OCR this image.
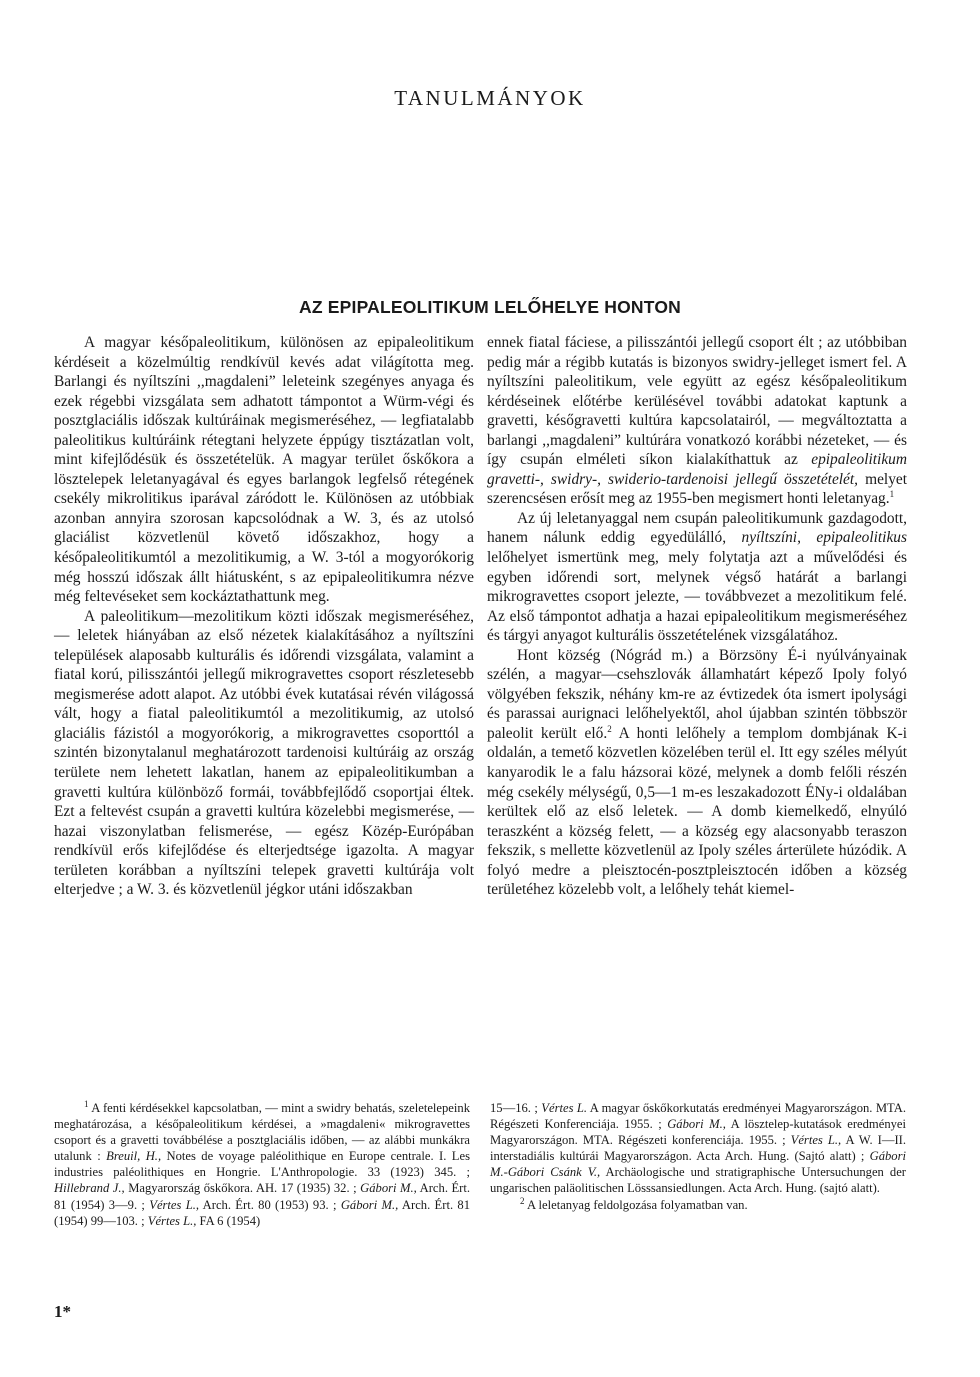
TANULMÁNYOK
AZ EPIPALEOLITIKUM LELŐHELYE HONTON

A magyar későpaleolitikum, különösen az epipaleolitikum kérdéseit a közelmúltig rendkívül kevés adat világította meg. Barlangi és nyíltszíni ,,magdaleni” leleteink szegényes anyaga és ezek régebbi vizsgálata sem adhatott támpontot a Würm-végi és posztglaciális időszak kultúráinak megismeréséhez, — legfiatalabb paleolitikus kultúráink rétegtani helyzete éppúgy tisztázatlan volt, mint kifejlődésük és összetételük. A magyar terület őskőkora a lösztelepek leletanyagával és egyes barlangok legfelső rétegének csekély mikrolitikus iparával záródott le. Különösen az utóbbiak azonban annyira szorosan kapcsolódnak a W. 3, és az utolsó glaciálist közvetlenül követő időszakhoz, hogy a későpaleolitikumtól a mezolitikumig, a W. 3-tól a mogyorókorig még hosszú időszak állt hiátusként, s az epipaleolitikumra nézve még feltevéseket sem kockáztathattunk meg.

A paleolitikum—mezolitikum közti időszak megismeréséhez, — leletek hiányában az első nézetek kialakításához a nyíltszíni települések alaposabb kulturális és időrendi vizsgálata, valamint a fiatal korú, pilisszántói jellegű mikrogravettes csoport részletesebb megismerése adott alapot. Az utóbbi évek kutatásai révén világossá vált, hogy a fiatal paleolitikumtól a mezolitikumig, az utolsó glaciális fázistól a mogyorókorig, a mikrogravettes csoporttól a szintén bizonytalanul meghatározott tardenoisi kultúráig az ország területe nem lehetett lakatlan, hanem az epipaleolitikumban a gravetti kultúra különböző formái, továbbfejlődő csoportjai éltek. Ezt a feltevést csupán a gravetti kultúra közelebbi megismerése, — hazai viszonylatban felismerése, — egész Közép-Európában rendkívül erős kifejlődése és elterjedtsége igazolta. A magyar területen korábban a nyíltszíni telepek gravetti kultúrája volt elterjedve ; a W. 3. és közvetlenül jégkor utáni időszakban

ennek fiatal fáciese, a pilisszántói jellegű csoport élt ; az utóbbiban pedig már a régibb kutatás is bizonyos swidry-jelleget ismert fel. A nyíltszíni paleolitikum, vele együtt az egész későpaleolitikum kérdéseinek előtérbe kerülésével további adatokat kaptunk a gravetti, későgravetti kultúra kapcsolatairól, — megváltoztatta a barlangi ,,magdaleni” kultúrára vonatkozó korábbi nézeteket, — és így csupán elméleti síkon kialakíthattuk az epipaleolitikum gravetti-, swidry-, swiderio-tardenoisi jellegű összetételét, melyet szerencsésen erősít meg az 1955-ben megismert honti leletanyag.$^1$

Az új leletanyaggal nem csupán paleolitikumunk gazdagodott, hanem nálunk eddig egyedülálló, nyíltszíni, epipaleolitikus lelőhelyet ismertünk meg, mely folytatja azt a művelődési és egyben időrendi sort, melynek végső határát a barlangi mikrogravettes csoport jelezte, — továbbvezet a mezolitikum felé. Az első támpontot adhatja a hazai epipaleolitikum megismeréséhez és tárgyi anyagot kulturális összetételének vizsgálatához.

Hont község (Nógrád m.) a Börzsöny É-i nyúlványainak szélén, a magyar—csehszlovák államhatárt képező Ipoly folyó völgyében fekszik, néhány km-re az évtizedek óta ismert ipolysági és parassai aurignaci lelőhelyektől, ahol újabban szintén többször paleolit került elő.$^2$ A honti lelőhely a templom dombjának K-i oldalán, a temető közvetlen közelében terül el. Itt egy széles mélyút kanyarodik le a falu házsorai közé, melynek a domb felőli részén még csekély mélységű, 0,5—1 m-es leszakadozott ÉNy-i oldalában kerültek elő az első leletek. — A domb kiemelkedő, elnyúló teraszként a község felett, — a község egy alacsonyabb teraszon fekszik, s mellette közvetlenül az Ipoly széles árterülete húzódik. A folyó medre a pleisztocén-posztpleisztocén időben a község területéhez közelebb volt, a lelőhely tehát kiemel-

$^1$ A fenti kérdésekkel kapcsolatban, — mint a swidry behatás, szeletelepeink meghatározása, a későpaleolitikum kérdései, a »magdaleni« mikrogravettes csoport és a gravetti továbbélése a posztglaciális időben, — az alábbi munkákra utalunk : Breuil, H., Notes de voyage paléolithique en Europe centrale. I. Les industries paléolithiques en Hongrie. L'Anthropologie. 33 (1923) 345. ; Hillebrand J., Magyarország őskőkora. AH. 17 (1935) 32. ; Gábori M., Arch. Ért. 81 (1954) 3—9. ; Vértes L., Arch. Ért. 80 (1953) 93. ; Gábori M., Arch. Ért. 81 (1954) 99—103. ; Vértes L., FA 6 (1954)

15—16. ; Vértes L. A magyar őskőkorkutatás eredményei Magyarországon. MTA. Régészeti Konferenciája. 1955. ; Gábori M., A lösztelep-kutatások eredményei Magyarországon. MTA. Régészeti konferenciája. 1955. ; Vértes L., A W. I—II. interstadiális kultúrái Magyarországon. Acta Arch. Hung. (Sajtó alatt) ; Gábori M.-Gábori Csánk V., Archäologische und stratigraphische Untersuchungen der ungarischen paläolitischen Lösssansiedlungen. Acta Arch. Hung. (sajtó alatt).

$^2$ A leletanyag feldolgozása folyamatban van.

1*
